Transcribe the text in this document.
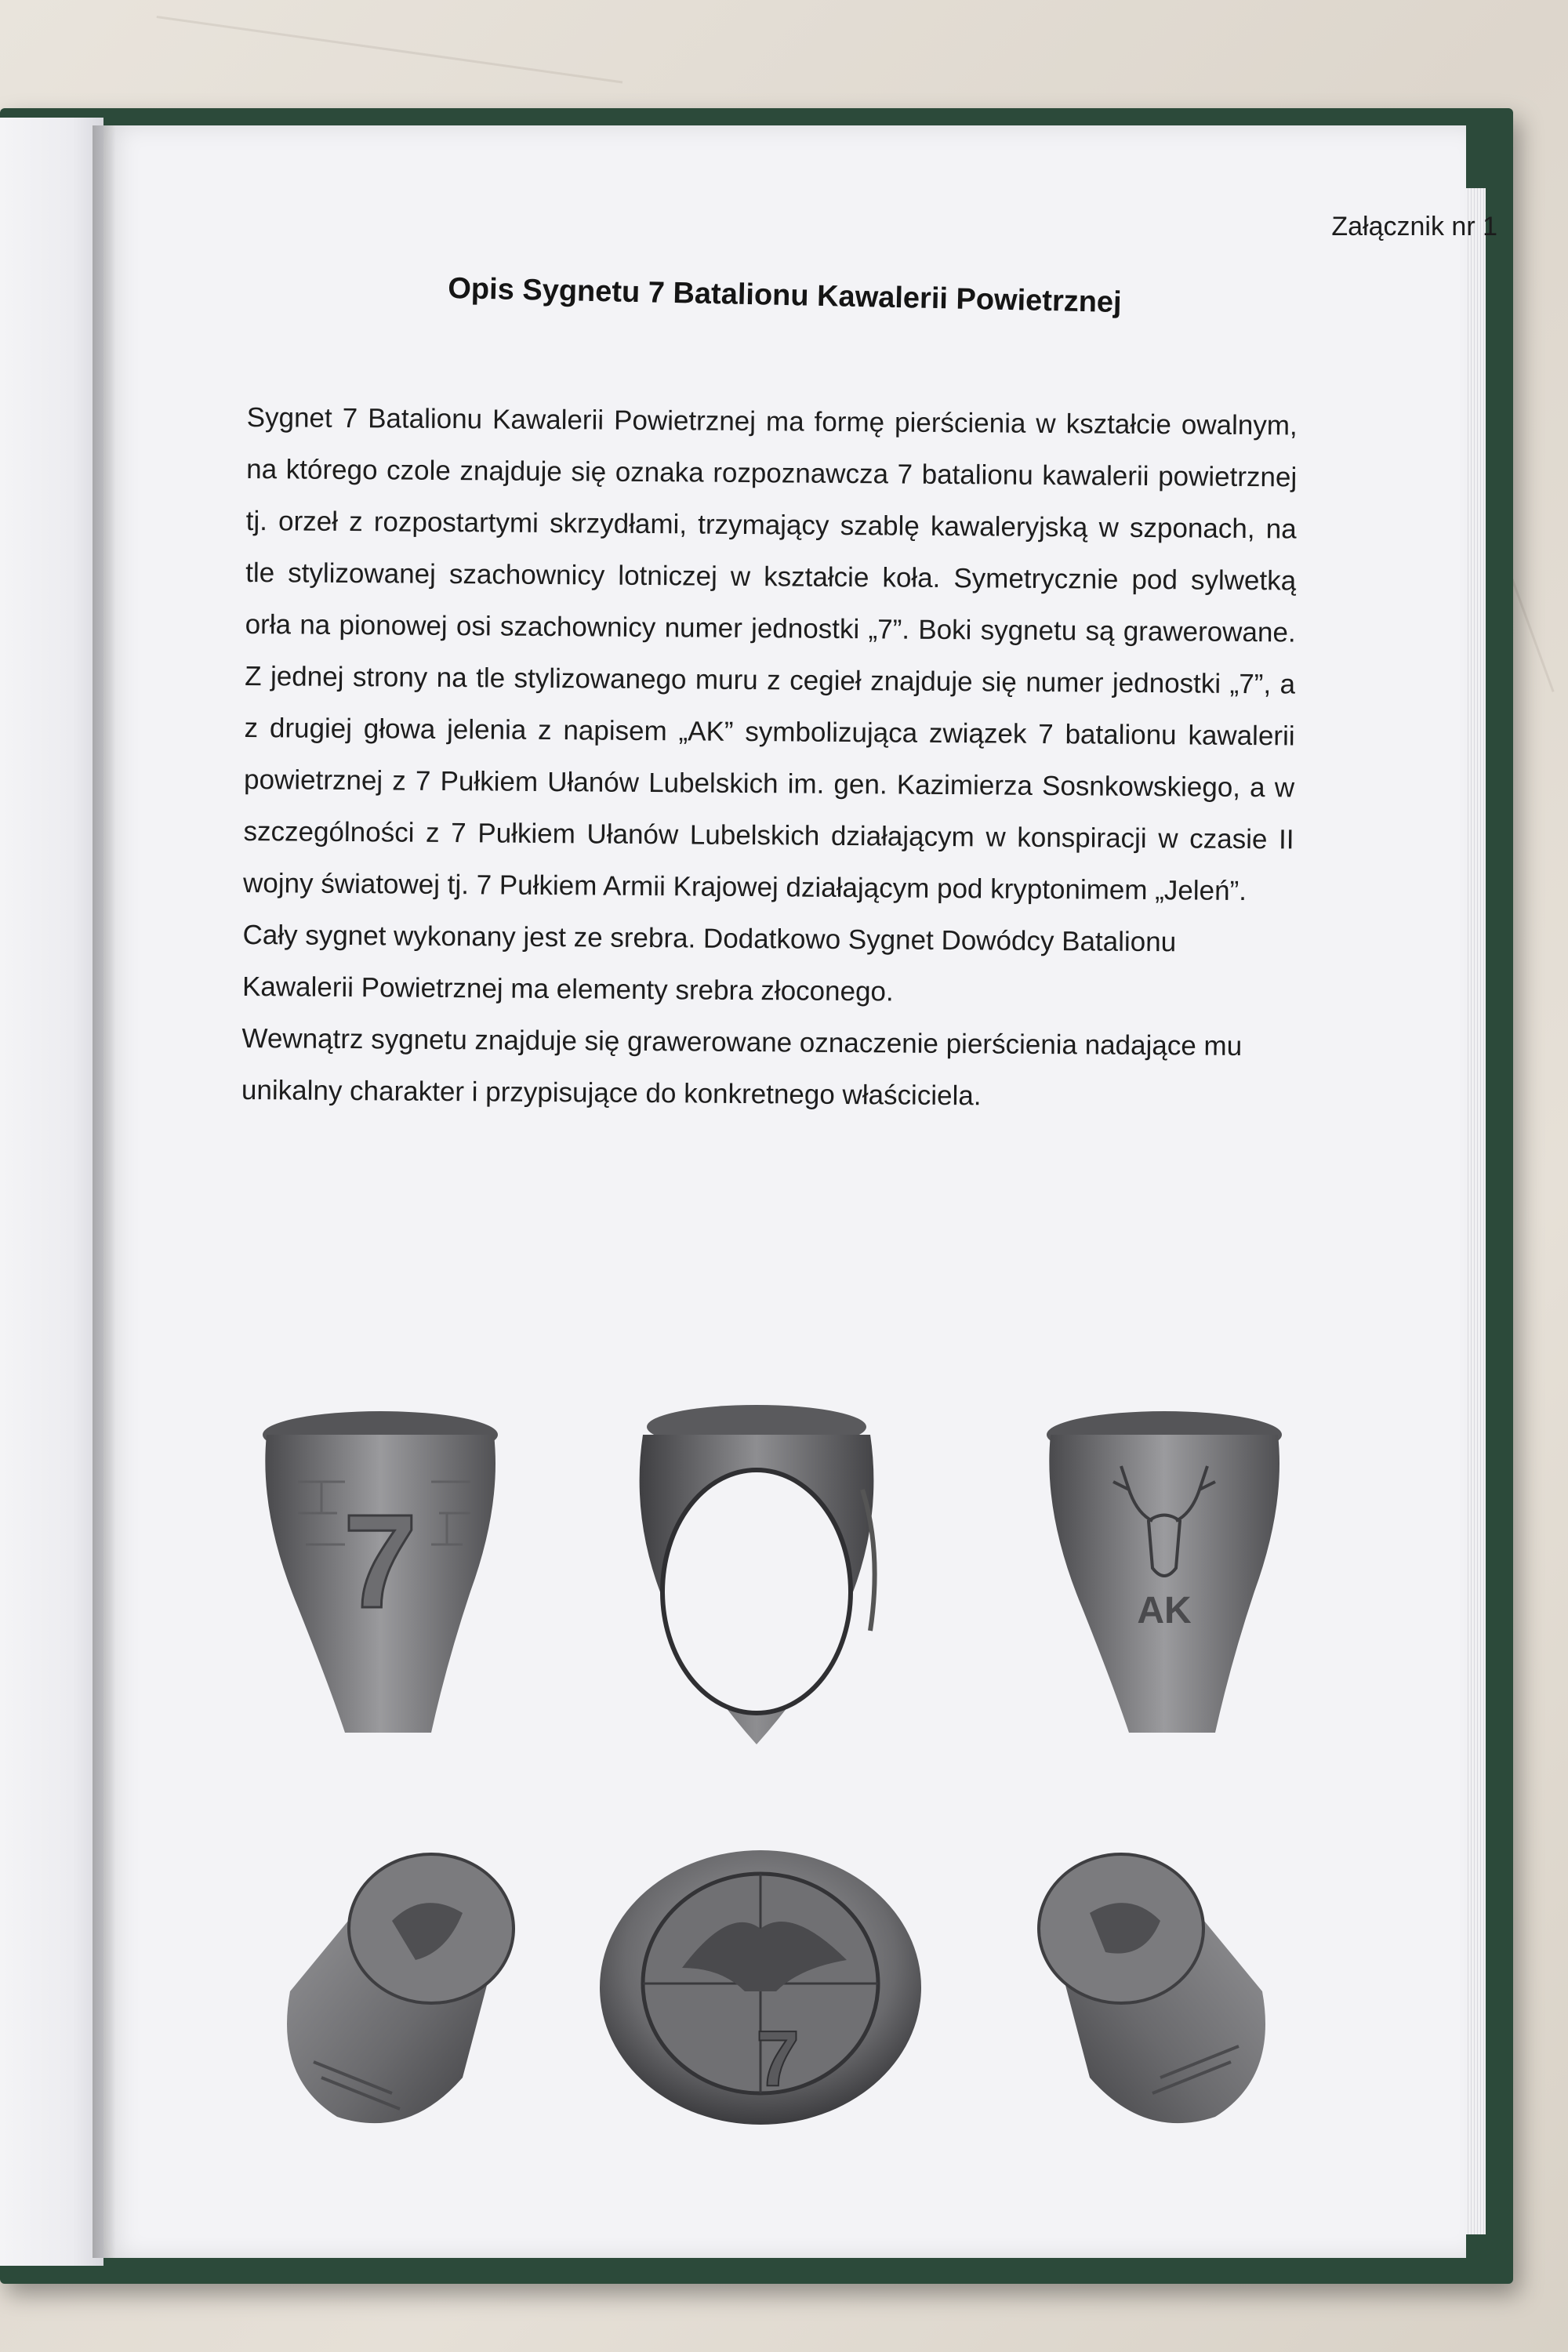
Załącznik nr 1
Opis Sygnetu 7 Batalionu Kawalerii Powietrznej

Sygnet 7 Batalionu Kawalerii Powietrznej ma formę pierścienia w kształcie owalnym, na którego czole znajduje się oznaka rozpoznawcza 7 batalionu kawalerii powietrznej tj. orzeł z rozpostartymi skrzydłami, trzymający szablę kawaleryjską w szponach, na tle stylizowanej szachownicy lotniczej w kształcie koła. Symetrycznie pod sylwetką orła na pionowej osi szachownicy numer jednostki „7”. Boki sygnetu są grawerowane. Z jednej strony na tle stylizowanego muru z cegieł znajduje się numer jednostki „7”, a z drugiej głowa jelenia z napisem „AK” symbolizująca związek 7 batalionu kawalerii powietrznej z 7 Pułkiem Ułanów Lubelskich im. gen. Kazimierza Sosnkowskiego, a w szczególności z 7 Pułkiem Ułanów Lubelskich działającym w konspiracji w czasie II wojny światowej tj. 7 Pułkiem Armii Krajowej działającym pod kryptonimem „Jeleń”.

Cały sygnet wykonany jest ze srebra. Dodatkowo Sygnet Dowódcy Batalionu Kawalerii Powietrznej ma elementy srebra złoconego.

Wewnątrz sygnetu znajduje się grawerowane oznaczenie pierścienia nadające mu unikalny charakter i przypisujące do konkretnego właściciela.

7	AK
7
